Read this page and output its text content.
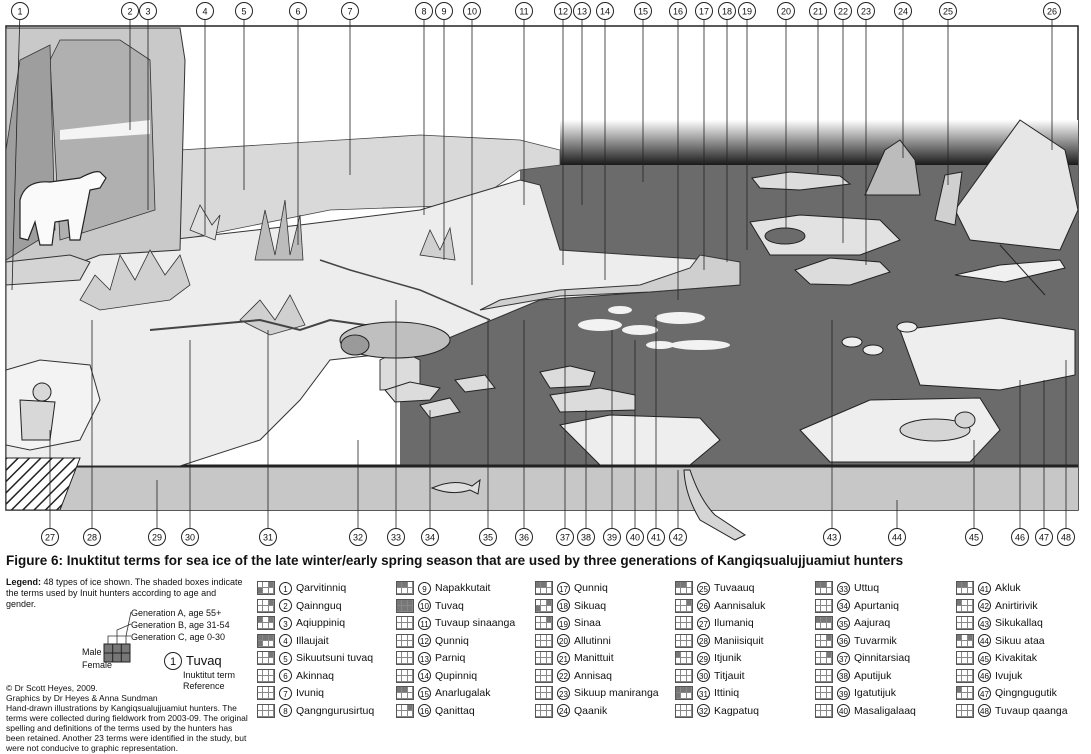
1	2 3	4	5	6	7	8 9 10	11	12 13 14	15	16 17 18 19	20 21 22 23	24	25	26
27	28	29	30	31	32	33	34	35	36	37 38 39 40 41 42	43	44	45	46 47 48
Figure 6: Inuktitut terms for sea ice of the late winter/early spring season that are used by three generations of Kangiqsualujjuamiut hunters
Legend: 48 types of ice shown. The shaded boxes indicate the terms used by Inuit hunters according to age and gender.
Generation A, age 55+
Generation B, age 31-54
Generation C, age 0-30
Male
Female	1 Tuvaq
Inuktitut term
Reference
© Dr Scott Heyes, 2009.
Graphics by Dr Heyes & Anna Sundman
Hand-drawn illustrations by Kangiqsualujjuamiut hunters. The terms were collected during fieldwork from 2003-09. The original spelling and definitions of the terms used by the hunters has been retained. Another 23 terms were identified in the study, but were not conducive to graphic representation.
1 Qarvitinniq
2 Qainnguq
3 Aqiuppiniq
4 Illaujait
5 Sikuutsuni tuvaq
6 Akinnaq
7 Ivuniq
8 Qangngurusirtuq
9 Napakkutait
10 Tuvaq
11 Tuvaup sinaanga
12 Qunniq
13 Parniq
14 Qupinniq
15 Anarlugalak
16 Qanittaq
17 Qunniq
18 Sikuaq
19 Sinaa
20 Allutinni
21 Manittuit
22 Annisaq
23 Sikuup maniranga
24 Qaanik
25 Tuvaauq
26 Aannisaluk
27 Ilumaniq
28 Maniisiquit
29 Itjunik
30 Titjauit
31 Ittiniq
32 Kagpatuq
33 Uttuq
34 Apurtaniq
35 Aajuraq
36 Tuvarmik
37 Qinnitarsiaq
38 Aputijuk
39 Igatutijuk
40 Masaligalaaq
41 Akluk
42 Anirtirivik
43 Sikukallaq
44 Sikuu ataa
45 Kivakitak
46 Ivujuk
47 Qingngugutik
48 Tuvaup qaanga
